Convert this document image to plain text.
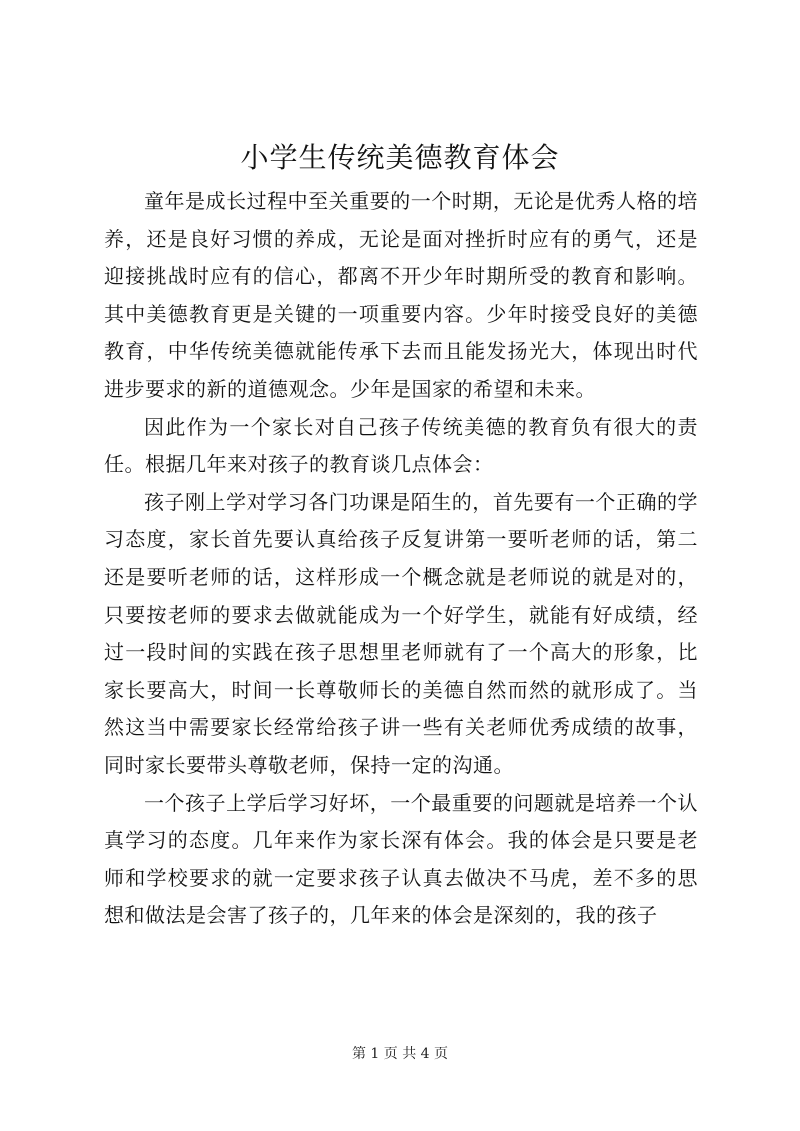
小学生传统美德教育体会

童年是成长过程中至关重要的一个时期，无论是优秀人格的培养，还是良好习惯的养成，无论是面对挫折时应有的勇气，还是迎接挑战时应有的信心，都离不开少年时期所受的教育和影响。其中美德教育更是关键的一项重要内容。少年时接受良好的美德教育，中华传统美德就能传承下去而且能发扬光大，体现出时代进步要求的新的道德观念。少年是国家的希望和未来。

因此作为一个家长对自己孩子传统美德的教育负有很大的责任。根据几年来对孩子的教育谈几点体会：

孩子刚上学对学习各门功课是陌生的，首先要有一个正确的学习态度，家长首先要认真给孩子反复讲第一要听老师的话，第二还是要听老师的话，这样形成一个概念就是老师说的就是对的，只要按老师的要求去做就能成为一个好学生，就能有好成绩，经过一段时间的实践在孩子思想里老师就有了一个高大的形象，比家长要高大，时间一长尊敬师长的美德自然而然的就形成了。当然这当中需要家长经常给孩子讲一些有关老师优秀成绩的故事，同时家长要带头尊敬老师，保持一定的沟通。

一个孩子上学后学习好坏，一个最重要的问题就是培养一个认真学习的态度。几年来作为家长深有体会。我的体会是只要是老师和学校要求的就一定要求孩子认真去做决不马虎，差不多的思想和做法是会害了孩子的，几年来的体会是深刻的，我的孩子

第 1 页 共 4 页
